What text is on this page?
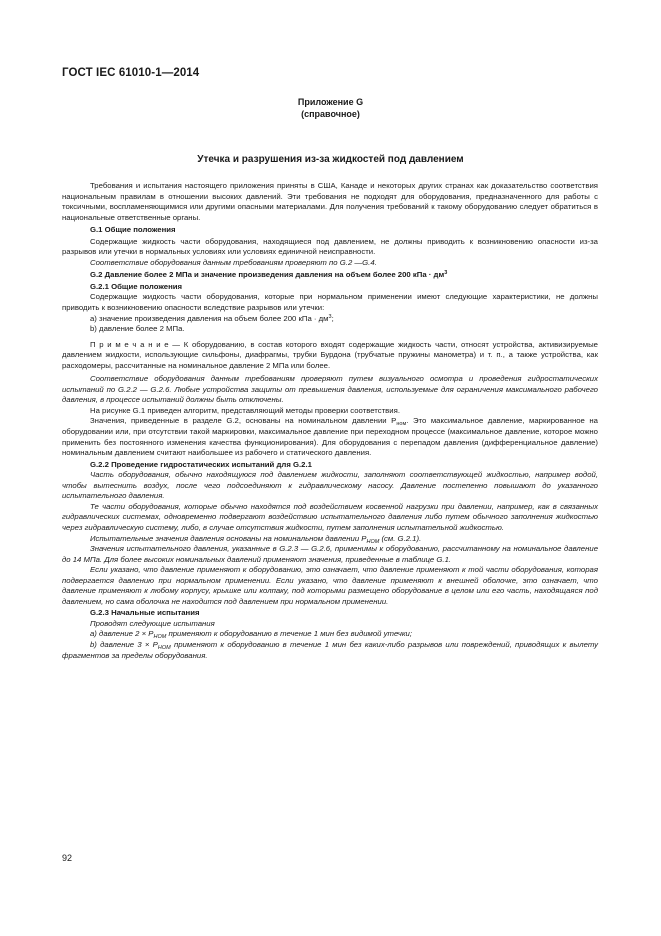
ГОСТ IEC 61010-1—2014
Приложение G
(справочное)
Утечка и разрушения из-за жидкостей под давлением

Требования и испытания настоящего приложения приняты в США, Канаде и некоторых других странах как доказательство соответствия национальным правилам в отношении высоких давлений. Эти требования не подходят для оборудования, предназначенного для работы с токсичными, воспламеняющимися или другими опасными материалами. Для получения требований к такому оборудованию следует обратиться в национальные ответственные органы.

G.1 Общие положения

Содержащие жидкость части оборудования, находящиеся под давлением, не должны приводить к возникновению опасности из-за разрывов или утечки в нормальных условиях или условиях единичной неисправности.

Соответствие оборудования данным требованиям проверяют по G.2 —G.4.

G.2 Давление более 2 МПа и значение произведения давления на объем более 200 кПа · $дм^3$

G.2.1 Общие положения

Содержащие жидкость части оборудования, которые при нормальном применении имеют следующие характеристики, не должны приводить к возникновению опасности вследствие разрывов или утечки:

a) значение произведения давления на объем более 200 кПа · $дм^3$;

b) давление более 2 МПа.

П р и м е ч а н и е — К оборудованию, в состав которого входят содержащие жидкость части, относят устройства, активизируемые давлением жидкости, использующие сильфоны, диафрагмы, трубки Бурдона (трубчатые пружины манометра) и т. п., а также устройства, как расходомеры, рассчитанные на номинальное давление 2 МПа или более.

Соответствие оборудования данным требованиям проверяют путем визуального осмотра и проведения гидростатических испытаний по G.2.2 — G.2.6. Любые устройства защиты от превышения давления, используемые для ограничения максимального рабочего давления, в процессе испытаний должны быть отключены.

На рисунке G.1 приведен алгоритм, представляющий методы проверки соответствия.

Значения, приведенные в разделе G.2, основаны на номинальном давлении $P_{ном}$. Это максимальное давление, маркированное на оборудовании или, при отсутствии такой маркировки, максимальное давление при переходном процессе (максимальное давление, которое можно применить без постоянного изменения качества функционирования). Для оборудования с перепадом давления (дифференциальное давление) номинальным давлением считают наибольшее из рабочего и статического давления.

G.2.2 Проведение гидростатических испытаний для G.2.1

Часть оборудования, обычно находящуюся под давлением жидкости, заполняют соответствующей жидкостью, например водой, чтобы вытеснить воздух, после чего подсоединяют к гидравлическому насосу. Давление постепенно повышают до указанного испытательного давления.

Те части оборудования, которые обычно находятся под воздействием косвенной нагрузки при давлении, например, как в связанных гидравлических системах, одновременно подвергают воздействию испытательного давления либо путем обычного заполнения жидкостью через гидравлическую систему, либо, в случае отсутствия жидкости, путем заполнения испытательной жидкостью.

Испытательные значения давления основаны на номинальном давлении $P_{НОМ}$ (см. G.2.1).

Значения испытательного давления, указанные в G.2.3 — G.2.6, применимы к оборудованию, рассчитанному на номинальное давление до 14 МПа. Для более высоких номинальных давлений применяют значения, приведенные в таблице G.1.

Если указано, что давление применяют к оборудованию, это означает, что давление применяют к той части оборудования, которая подвергается давлению при нормальном применении. Если указано, что давление применяют к внешней оболочке, это означает, что давление применяют к любому корпусу, крышке или колпаку, под которыми размещено оборудование в целом или его часть, находящаяся под давлением, но сама оболочка не находится под давлением при нормальном применении.

G.2.3 Начальные испытания

Проводят следующие испытания

a) давление $2 \times P_{НОМ}$ применяют к оборудованию в течение 1 мин без видимой утечки;

b) давление $3 \times P_{НОМ}$ применяют к оборудованию в течение 1 мин без каких-либо разрывов или повреждений, приводящих к вылету фрагментов за пределы оборудования.

92
